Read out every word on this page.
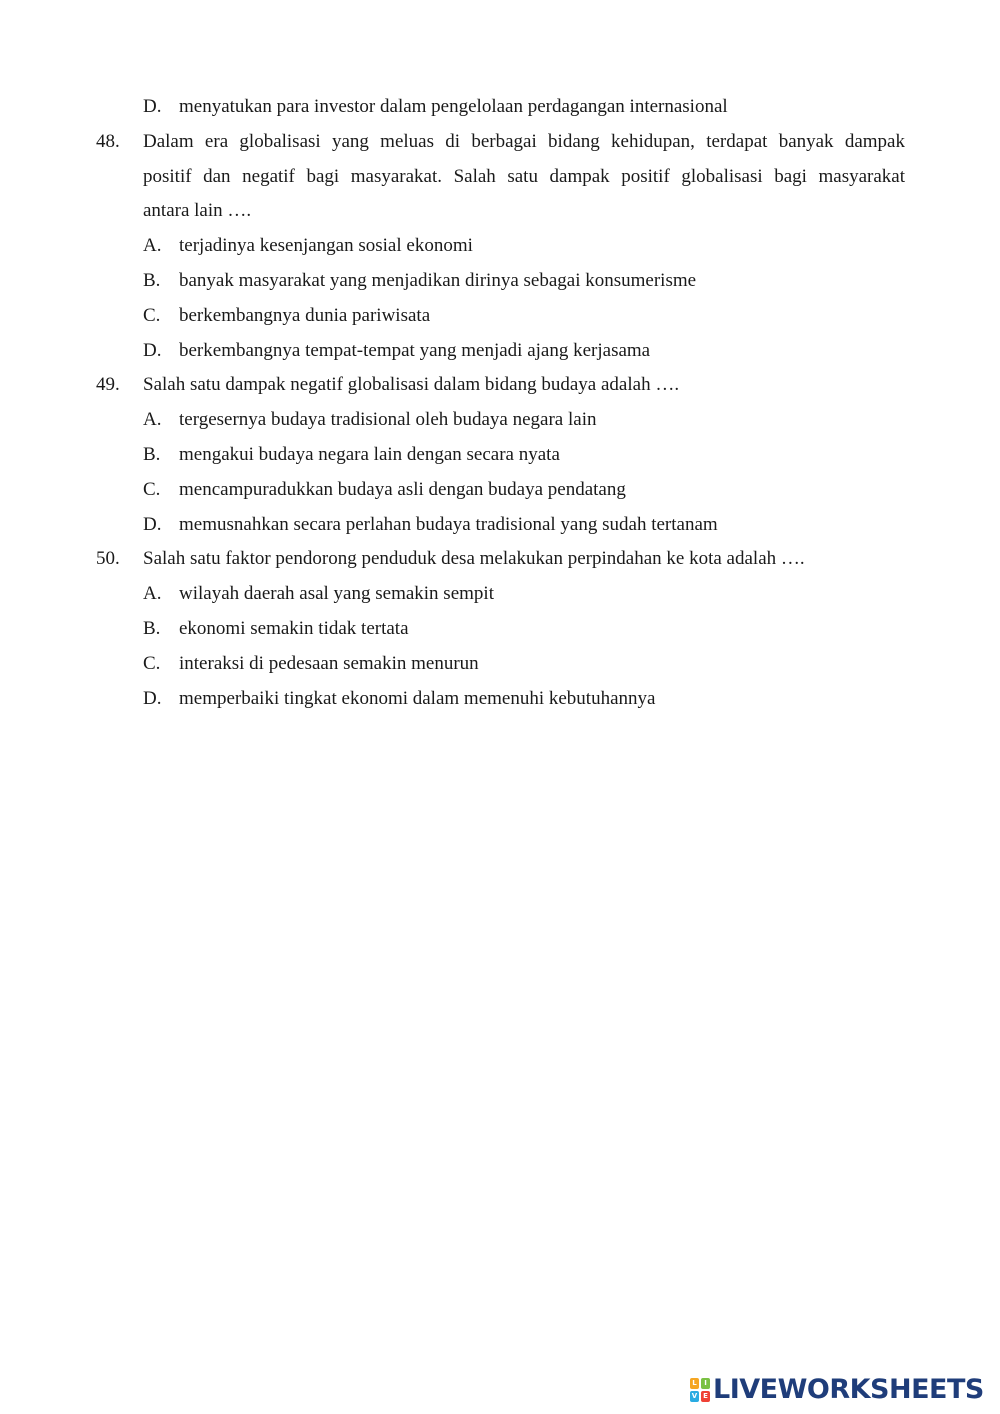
D. menyatukan para investor dalam pengelolaan perdagangan internasional
48. Dalam era globalisasi yang meluas di berbagai bidang kehidupan, terdapat banyak dampak
positif dan negatif bagi masyarakat. Salah satu dampak positif globalisasi bagi masyarakat
antara lain ….
A. terjadinya kesenjangan sosial ekonomi
B. banyak masyarakat yang menjadikan dirinya sebagai konsumerisme
C. berkembangnya dunia pariwisata
D. berkembangnya tempat-tempat yang menjadi ajang kerjasama
49. Salah satu dampak negatif globalisasi dalam bidang budaya adalah ….
A. tergesernya budaya tradisional oleh budaya negara lain
B. mengakui budaya negara lain dengan secara nyata
C. mencampuradukkan budaya asli dengan budaya pendatang
D. memusnahkan secara perlahan budaya tradisional yang sudah tertanam
50. Salah satu faktor pendorong penduduk desa melakukan perpindahan ke kota adalah ….
A. wilayah daerah asal yang semakin sempit
B. ekonomi semakin tidak tertata
C. interaksi di pedesaan semakin menurun
D. memperbaiki tingkat ekonomi dalam memenuhi kebutuhannya
L	I
V E LIVEWORKSHEETS
